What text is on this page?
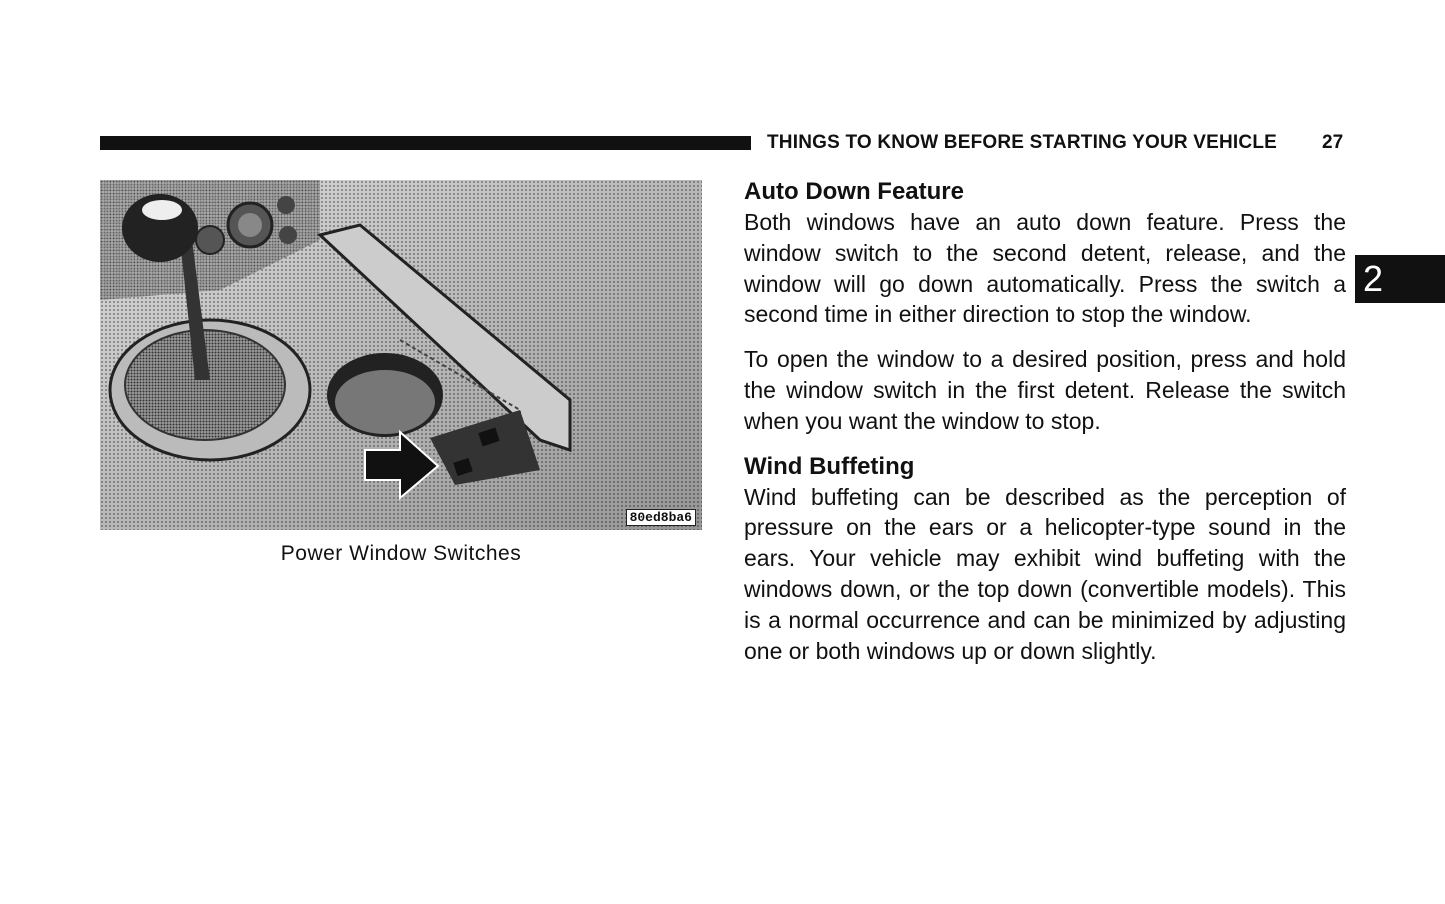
THINGS TO KNOW BEFORE STARTING YOUR VEHICLE 27
2
80ed8ba6
Power Window Switches
Auto Down Feature

Both windows have an auto down feature. Press the window switch to the second detent, release, and the window will go down automatically. Press the switch a second time in either direction to stop the window.

To open the window to a desired position, press and hold the window switch in the first detent. Release the switch when you want the window to stop.

Wind Buffeting

Wind buffeting can be described as the perception of pressure on the ears or a helicopter-type sound in the ears. Your vehicle may exhibit wind buffeting with the windows down, or the top down (convertible models). This is a normal occurrence and can be minimized by adjusting one or both windows up or down slightly.
